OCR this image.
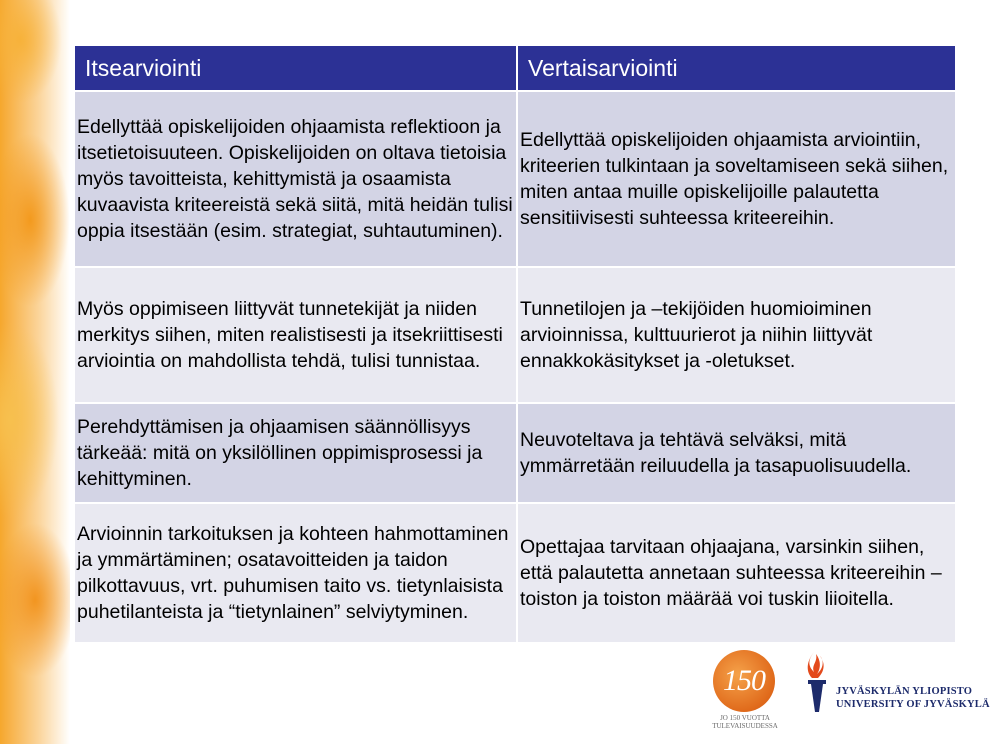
Itsearviointi	Vertaisarviointi

Edellyttää opiskelijoiden ohjaamista reflektioon ja itsetietoisuuteen. Opiskelijoiden on oltava tietoisia myös tavoitteista, kehittymistä ja osaamista kuvaavista kriteereistä sekä siitä, mitä heidän tulisi oppia itsestään (esim. strategiat, suhtautuminen).	Edellyttää opiskelijoiden ohjaamista arviointiin, kriteerien tulkintaan ja soveltamiseen sekä siihen, miten antaa muille opiskelijoille palautetta sensitiivisesti suhteessa kriteereihin.

Myös oppimiseen liittyvät tunnetekijät ja niiden merkitys siihen, miten realistisesti ja itsekriittisesti arviointia on mahdollista tehdä, tulisi tunnistaa.	Tunnetilojen ja –tekijöiden huomioiminen arvioinnissa, kulttuurierot ja niihin liittyvät ennakkokäsitykset ja -oletukset.

Perehdyttämisen ja ohjaamisen säännöllisyys tärkeää: mitä on yksilöllinen oppimisprosessi ja kehittyminen.	Neuvoteltava ja tehtävä selväksi, mitä ymmärretään reiluudella ja tasapuolisuudella.

Arvioinnin tarkoituksen ja kohteen hahmottaminen ja ymmärtäminen; osatavoitteiden ja taidon pilkottavuus, vrt. puhumisen taito vs. tietynlaisista puhetilanteista ja “tietynlainen” selviytyminen.	Opettajaa tarvitaan ohjaajana, varsinkin siihen, että palautetta annetaan suhteessa kriteereihin – toiston ja toiston määrää voi tuskin liioitella.
150
JO 150 VUOTTA
TULEVAISUUDESSA
JYVÄSKYLÄN YLIOPISTO
UNIVERSITY OF JYVÄSKYLÄ
